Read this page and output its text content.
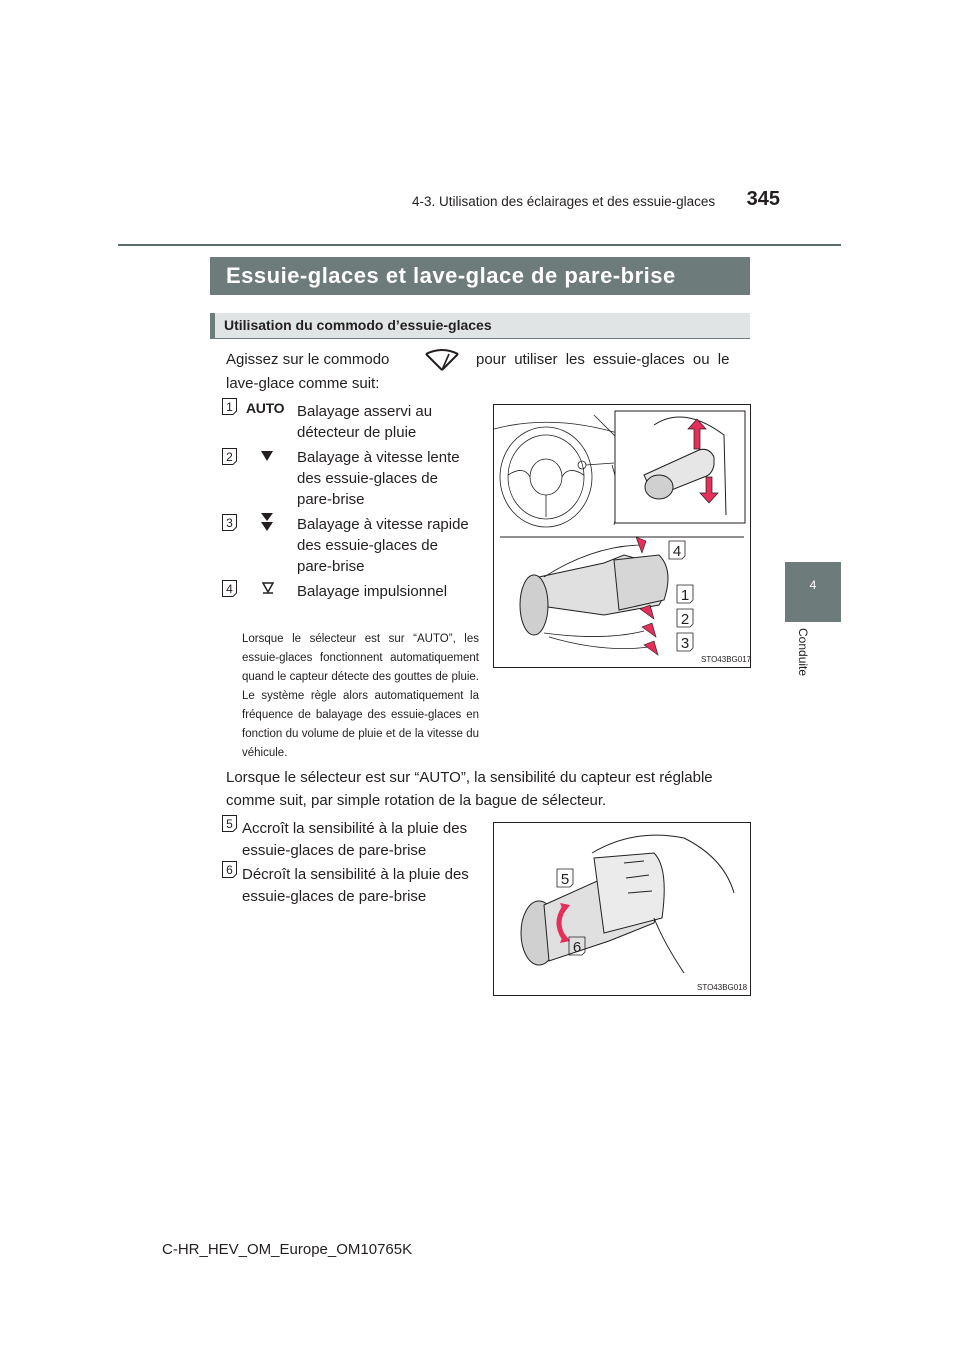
345
4-3. Utilisation des éclairages et des essuie-glaces
4
Conduite
Essuie-glaces et lave-glace de pare-brise
Utilisation du commodo d’essuie-glaces
Agissez sur le commodo	pour utiliser les essuie-glaces ou le
lave-glace comme suit:
1 AUTO Balayage asservi au
détecteur de pluie
2	Balayage à vitesse lente
des essuie-glaces de
pare-brise
3	Balayage à vitesse rapide
des essuie-glaces de
pare-brise
4	Balayage impulsionnel
Lorsque le sélecteur est sur “AUTO”, les essuie-glaces fonctionnent automatiquement quand le capteur détecte des gouttes de pluie. Le système règle alors automatiquement la fréquence de balayage des essuie-glaces en fonction du volume de pluie et de la vitesse du véhicule.
4
1
2
3
STO43BG017
Lorsque le sélecteur est sur “AUTO”, la sensibilité du capteur est réglable
comme suit, par simple rotation de la bague de sélecteur.
5 Accroît la sensibilité à la pluie des
essuie-glaces de pare-brise
6 Décroît la sensibilité à la pluie des
essuie-glaces de pare-brise
5
6
STO43BG018
C-HR_HEV_OM_Europe_OM10765K
